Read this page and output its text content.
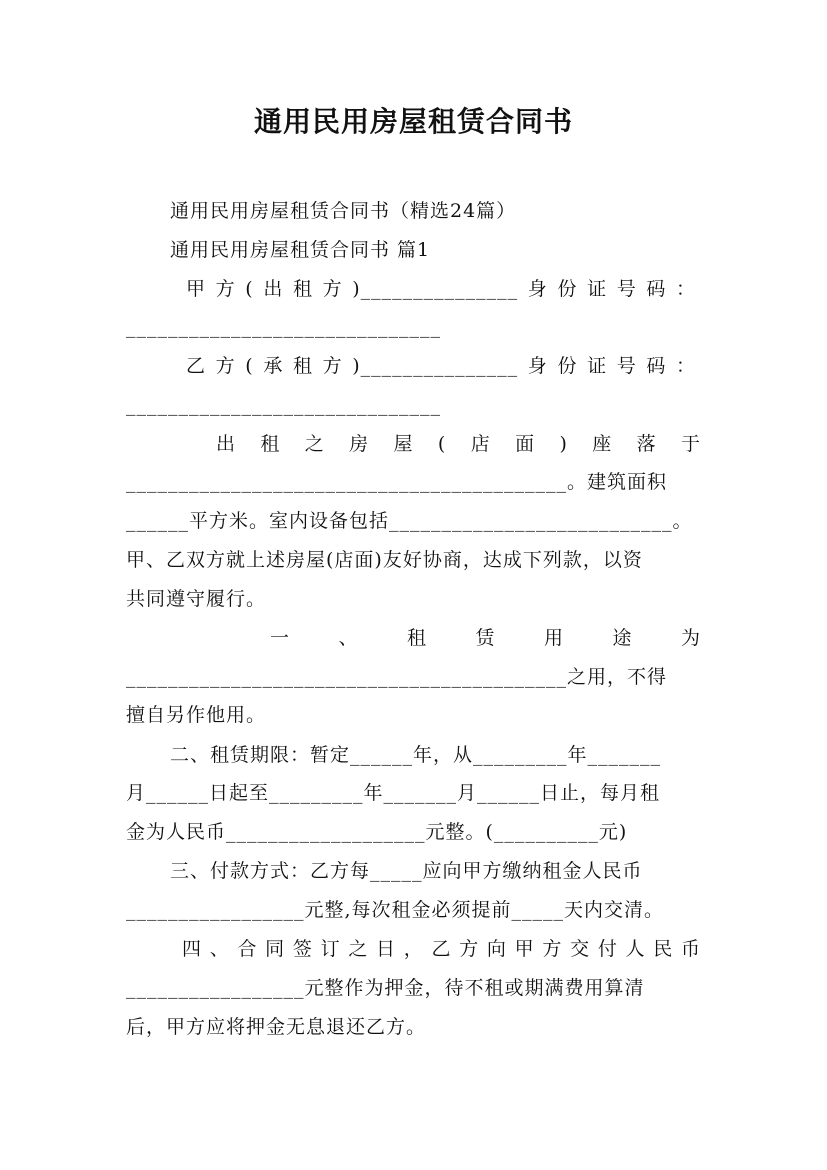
通用民用房屋租赁合同书
通用民用房屋租赁合同书（精选24篇）
通用民用房屋租赁合同书 篇1
甲方(出租方)_______________身份证号码：
______________________________
乙方(承租方)_______________身份证号码：
______________________________
出租之房屋(店面)座落于
__________________________________________。建筑面积
______平方米。室内设备包括___________________________。
甲、乙双方就上述房屋(店面)友好协商，达成下列款，以资
共同遵守履行。
一、租赁用途为
__________________________________________之用，不得
擅自另作他用。
二、租赁期限：暂定______年，从_________年_______
月______日起至_________年_______月______日止，每月租
金为人民币___________________元整。(__________元)
三、付款方式：乙方每_____应向甲方缴纳租金人民币
_________________元整,每次租金必须提前_____天内交清。
四、合同签订之日，乙方向甲方交付人民币
_________________元整作为押金，待不租或期满费用算清
后，甲方应将押金无息退还乙方。
